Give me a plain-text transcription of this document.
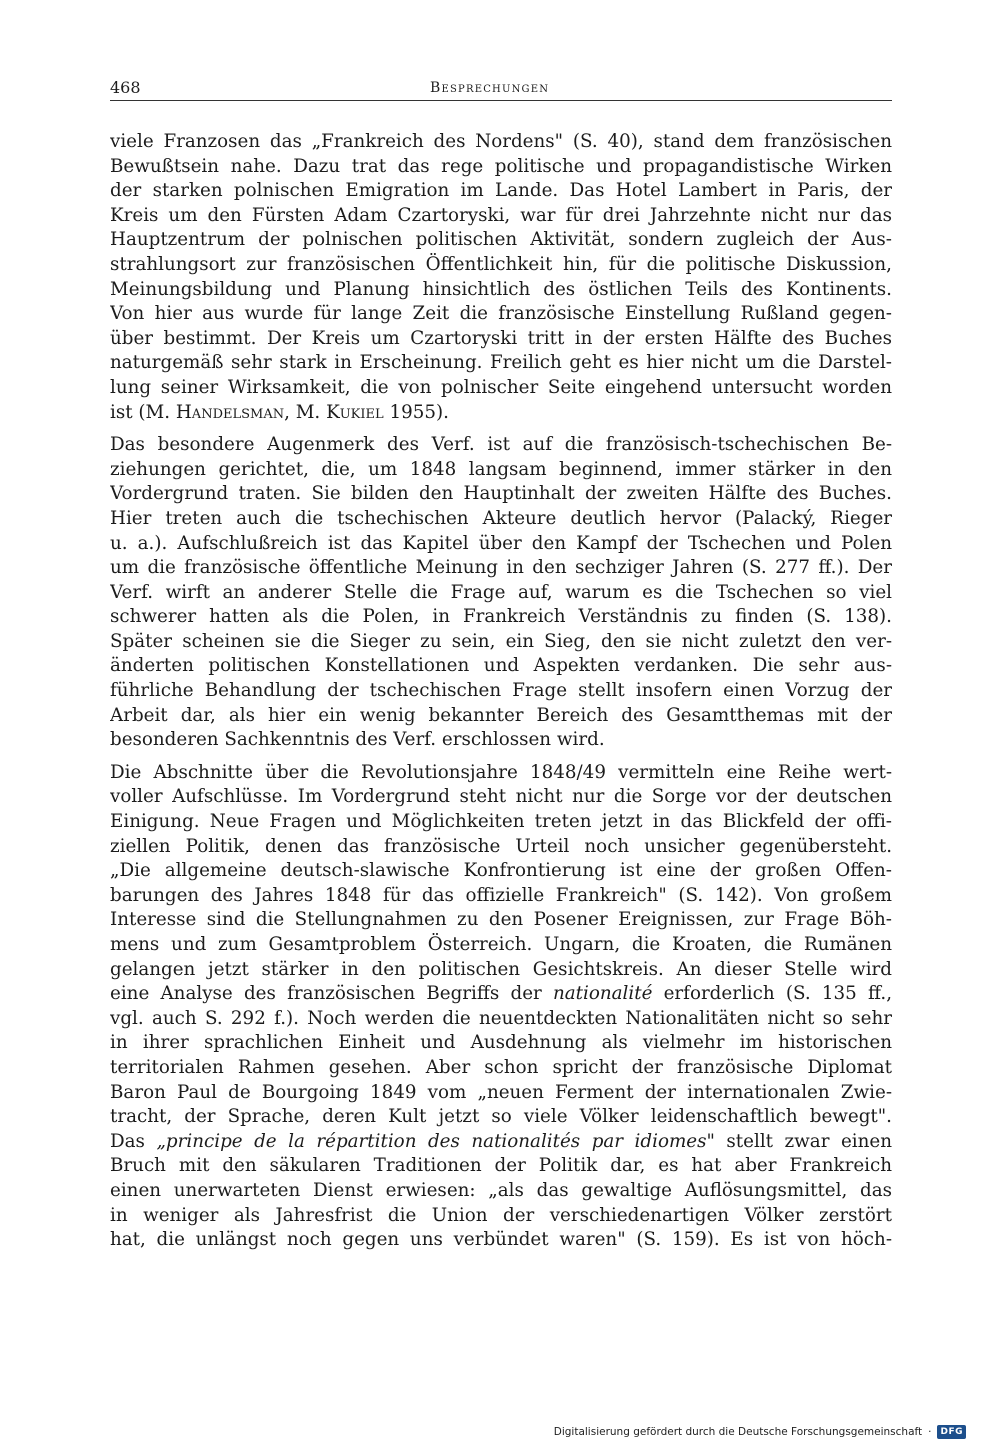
468	Besprechungen
viele Franzosen das „Frankreich des Nordens" (S. 40), stand dem französischen
Bewußtsein nahe. Dazu trat das rege politische und propagandistische Wirken
der starken polnischen Emigration im Lande. Das Hotel Lambert in Paris, der
Kreis um den Fürsten Adam Czartoryski, war für drei Jahrzehnte nicht nur das
Hauptzentrum der polnischen politischen Aktivität, sondern zugleich der Aus-
strahlungsort zur französischen Öffentlichkeit hin, für die politische Diskussion,
Meinungsbildung und Planung hinsichtlich des östlichen Teils des Kontinents.
Von hier aus wurde für lange Zeit die französische Einstellung Rußland gegen-
über bestimmt. Der Kreis um Czartoryski tritt in der ersten Hälfte des Buches
naturgemäß sehr stark in Erscheinung. Freilich geht es hier nicht um die Darstel-
lung seiner Wirksamkeit, die von polnischer Seite eingehend untersucht worden
ist (M. Handelsman, M. Kukiel 1955).
Das besondere Augenmerk des Verf. ist auf die französisch-tschechischen Be-
ziehungen gerichtet, die, um 1848 langsam beginnend, immer stärker in den
Vordergrund traten. Sie bilden den Hauptinhalt der zweiten Hälfte des Buches.
Hier treten auch die tschechischen Akteure deutlich hervor (Palacký, Rieger
u. a.). Aufschlußreich ist das Kapitel über den Kampf der Tschechen und Polen
um die französische öffentliche Meinung in den sechziger Jahren (S. 277 ff.). Der
Verf. wirft an anderer Stelle die Frage auf, warum es die Tschechen so viel
schwerer hatten als die Polen, in Frankreich Verständnis zu finden (S. 138).
Später scheinen sie die Sieger zu sein, ein Sieg, den sie nicht zuletzt den ver-
änderten politischen Konstellationen und Aspekten verdanken. Die sehr aus-
führliche Behandlung der tschechischen Frage stellt insofern einen Vorzug der
Arbeit dar, als hier ein wenig bekannter Bereich des Gesamtthemas mit der
besonderen Sachkenntnis des Verf. erschlossen wird.
Die Abschnitte über die Revolutionsjahre 1848/49 vermitteln eine Reihe wert-
voller Aufschlüsse. Im Vordergrund steht nicht nur die Sorge vor der deutschen
Einigung. Neue Fragen und Möglichkeiten treten jetzt in das Blickfeld der offi-
ziellen Politik, denen das französische Urteil noch unsicher gegenübersteht.
„Die allgemeine deutsch-slawische Konfrontierung ist eine der großen Offen-
barungen des Jahres 1848 für das offizielle Frankreich" (S. 142). Von großem
Interesse sind die Stellungnahmen zu den Posener Ereignissen, zur Frage Böh-
mens und zum Gesamtproblem Österreich. Ungarn, die Kroaten, die Rumänen
gelangen jetzt stärker in den politischen Gesichtskreis. An dieser Stelle wird
eine Analyse des französischen Begriffs der nationalité erforderlich (S. 135 ff.,
vgl. auch S. 292 f.). Noch werden die neuentdeckten Nationalitäten nicht so sehr
in ihrer sprachlichen Einheit und Ausdehnung als vielmehr im historischen
territorialen Rahmen gesehen. Aber schon spricht der französische Diplomat
Baron Paul de Bourgoing 1849 vom „neuen Ferment der internationalen Zwie-
tracht, der Sprache, deren Kult jetzt so viele Völker leidenschaftlich bewegt".
Das „principe de la répartition des nationalités par idiomes" stellt zwar einen
Bruch mit den säkularen Traditionen der Politik dar, es hat aber Frankreich
einen unerwarteten Dienst erwiesen: „als das gewaltige Auflösungsmittel, das
in weniger als Jahresfrist die Union der verschiedenartigen Völker zerstört
hat, die unlängst noch gegen uns verbündet waren" (S. 159). Es ist von höch-
Digitalisierung gefördert durch die Deutsche Forschungsgemeinschaft ·	DFG
